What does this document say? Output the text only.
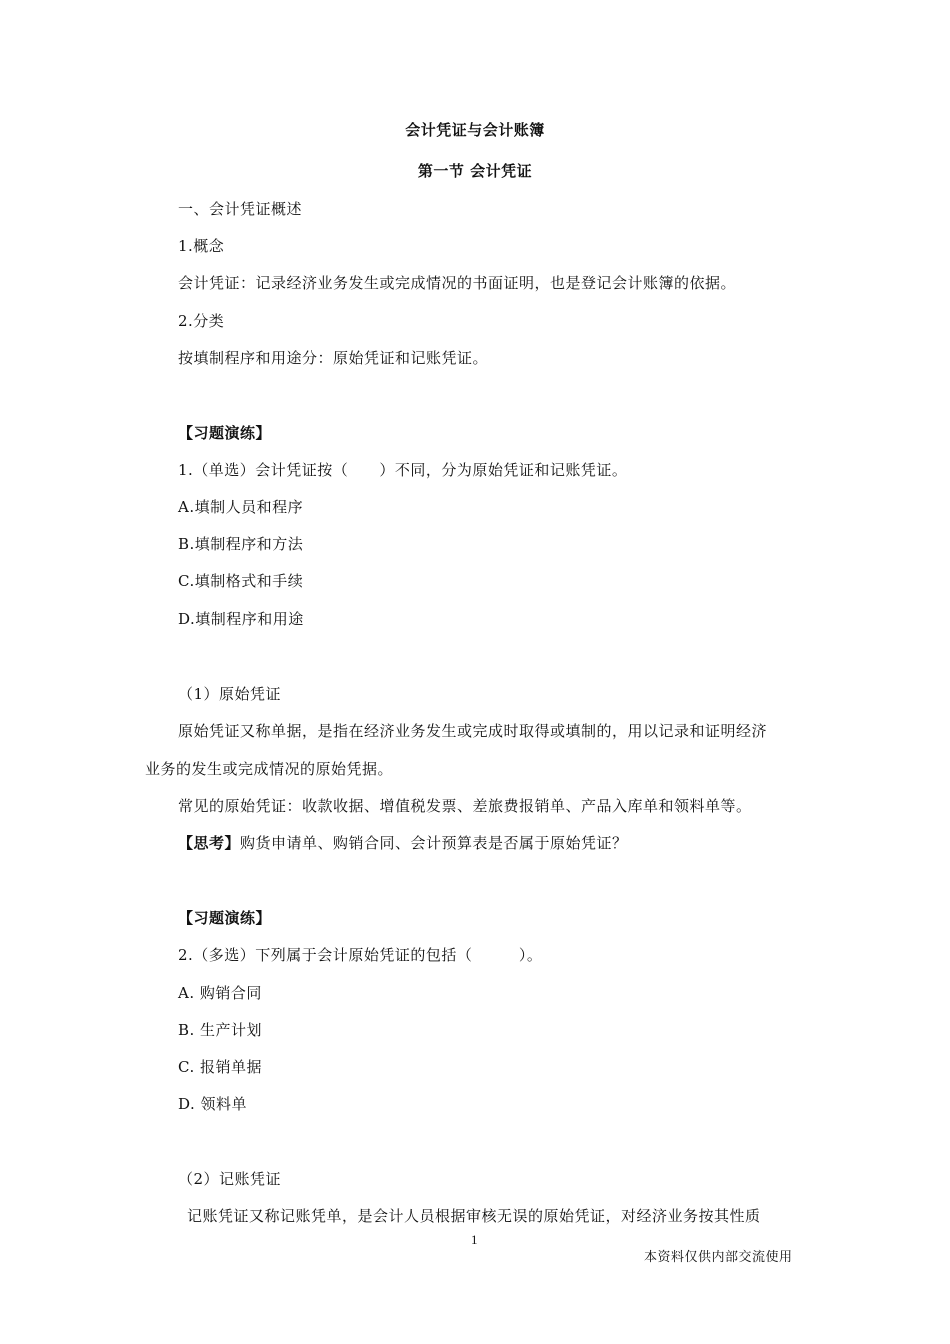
会计凭证与会计账簿
第一节 会计凭证
一、会计凭证概述
1.概念
会计凭证：记录经济业务发生或完成情况的书面证明，也是登记会计账簿的依据。
2.分类
按填制程序和用途分：原始凭证和记账凭证。
【习题演练】
1.（单选）会计凭证按（　　）不同，分为原始凭证和记账凭证。
A.填制人员和程序
B.填制程序和方法
C.填制格式和手续
D.填制程序和用途
（1）原始凭证
原始凭证又称单据，是指在经济业务发生或完成时取得或填制的，用以记录和证明经济
业务的发生或完成情况的原始凭据。
常见的原始凭证：收款收据、增值税发票、差旅费报销单、产品入库单和领料单等。
【思考】购货申请单、购销合同、会计预算表是否属于原始凭证？
【习题演练】
2.（多选）下列属于会计原始凭证的包括（　　　）。
A. 购销合同
B. 生产计划
C. 报销单据
D. 领料单
（2）记账凭证
记账凭证又称记账凭单，是会计人员根据审核无误的原始凭证，对经济业务按其性质
1
本资料仅供内部交流使用
